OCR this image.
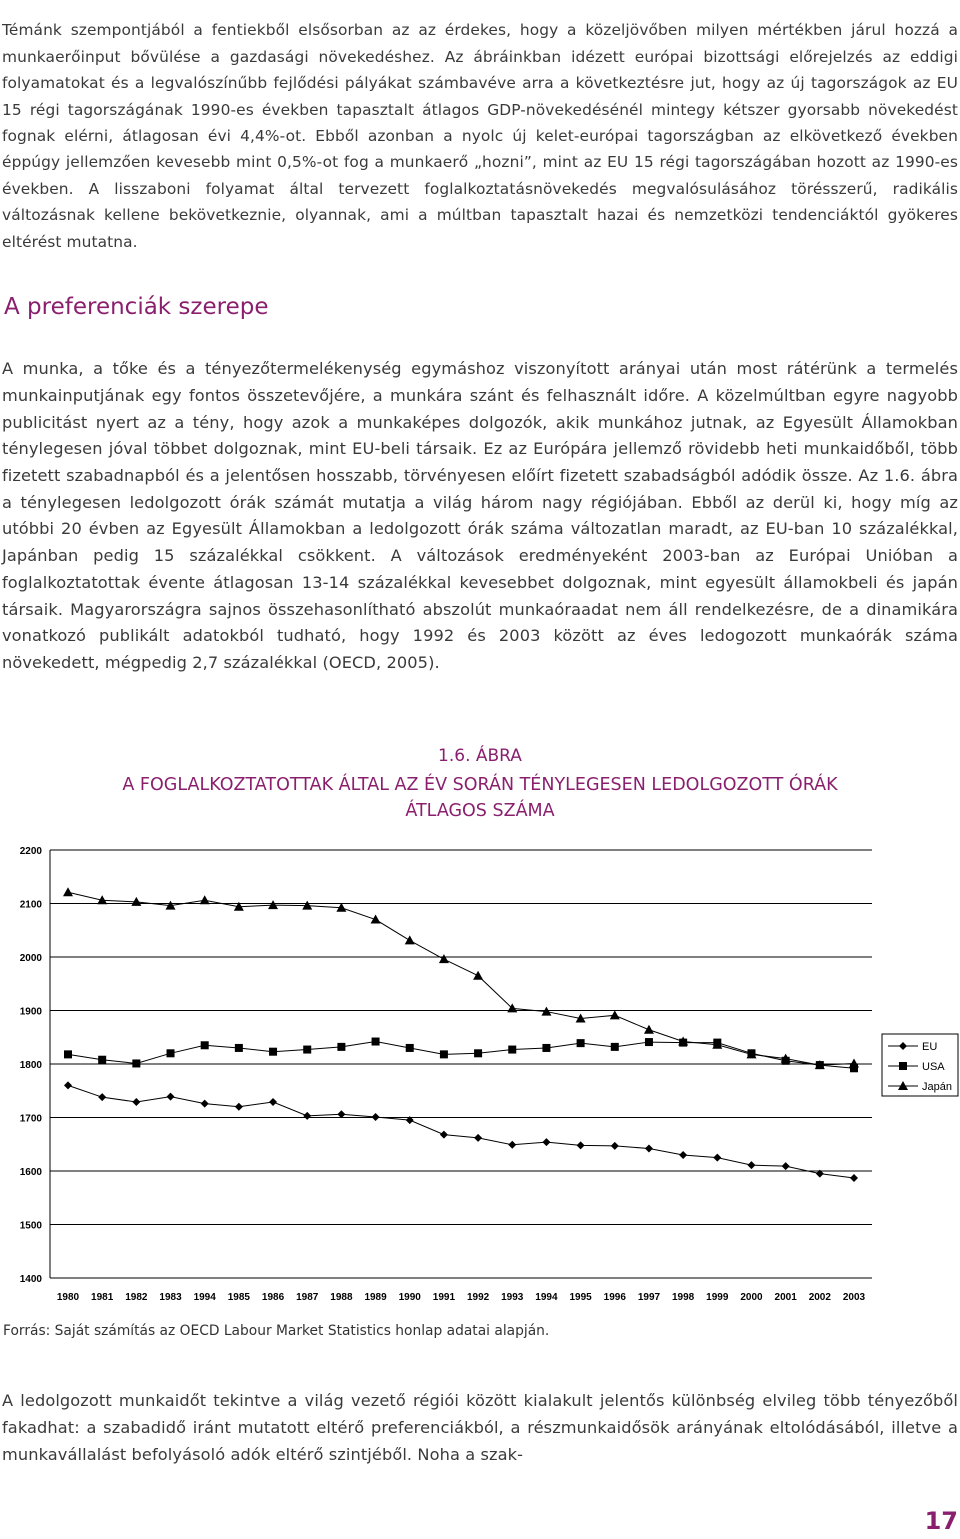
Témánk szempontjából a fentiekből elsősorban az az érdekes, hogy a közeljövőben milyen mértékben járul hozzá a munkaerőinput bővülése a gazdasági növekedéshez. Az ábráinkban idézett európai bizottsági előrejelzés az eddigi folyamatokat és a legvalószínűbb fejlődési pályákat számbavéve arra a következtésre jut, hogy az új tagországok az EU 15 régi tagországának 1990-es években tapasztalt átlagos GDP-növekedésénél mintegy kétszer gyorsabb növekedést fognak elérni, átlagosan évi 4,4%-ot. Ebből azonban a nyolc új kelet-európai tagországban az elkövetkező években éppúgy jellemzően kevesebb mint 0,5%-ot fog a munkaerő „hozni”, mint az EU 15 régi tagországában hozott az 1990-es években. A lisszaboni folyamat által tervezett foglalkoztatásnövekedés megvalósulásához törésszerű, radikális változásnak kellene bekövetkeznie, olyannak, ami a múltban tapasztalt hazai és nemzetközi tendenciáktól gyökeres eltérést mutatna.

A preferenciák szerepe

A munka, a tőke és a tényezőtermelékenység egymáshoz viszonyított arányai után most rátérünk a termelés munkainputjának egy fontos összetevőjére, a munkára szánt és felhasznált időre. A közelmúltban egyre nagyobb publicitást nyert az a tény, hogy azok a munkaképes dolgozók, akik munkához jutnak, az Egyesült Államokban ténylegesen jóval többet dolgoznak, mint EU-beli társaik. Ez az Európára jellemző rövidebb heti munkaidőből, több fizetett szabadnapból és a jelentősen hosszabb, törvényesen előírt fizetett szabadságból adódik össze. Az 1.6. ábra a ténylegesen ledolgozott órák számát mutatja a világ három nagy régiójában. Ebből az derül ki, hogy míg az utóbbi 20 évben az Egyesült Államokban a ledolgozott órák száma változatlan maradt, az EU-ban 10 százalékkal, Japánban pedig 15 százalékkal csökkent. A változások eredményeként 2003-ban az Európai Unióban a foglalkoztatottak évente átlagosan 13-14 százalékkal kevesebbet dolgoznak, mint egyesült államokbeli és japán társaik. Magyarországra sajnos összehasonlítható abszolút munkaóraadat nem áll rendelkezésre, de a dinamikára vonatkozó publikált adatokból tudható, hogy 1992 és 2003 között az éves ledogozott munkaórák száma növekedett, mégpedig 2,7 százalékkal (OECD, 2005).

1.6. ÁBRA
A FOGLALKOZTATOTTAK ÁLTAL AZ ÉV SORÁN TÉNYLEGESEN LEDOLGOZOTT ÓRÁK
ÁTLAGOS SZÁMA
1400
1500
1600
1700
1800
1900
2000
2100
2200
1980 1981 1982 1983 1994 1985 1986 1987 1988 1989 1990 1991 1992 1993 1994 1995 1996 1997 1998 1999 2000 2001 2002 2003
EU
USA
Japán
Forrás: Saját számítás az OECD Labour Market Statistics honlap adatai alapján.

A ledolgozott munkaidőt tekintve a világ vezető régiói között kialakult jelentős különbség elvileg több tényezőből fakadhat: a szabadidő iránt mutatott eltérő preferenciákból, a részmunkaidősök arányának eltolódásából, illetve a munkavállalást befolyásoló adók eltérő szintjéből. Noha a szak-

17
